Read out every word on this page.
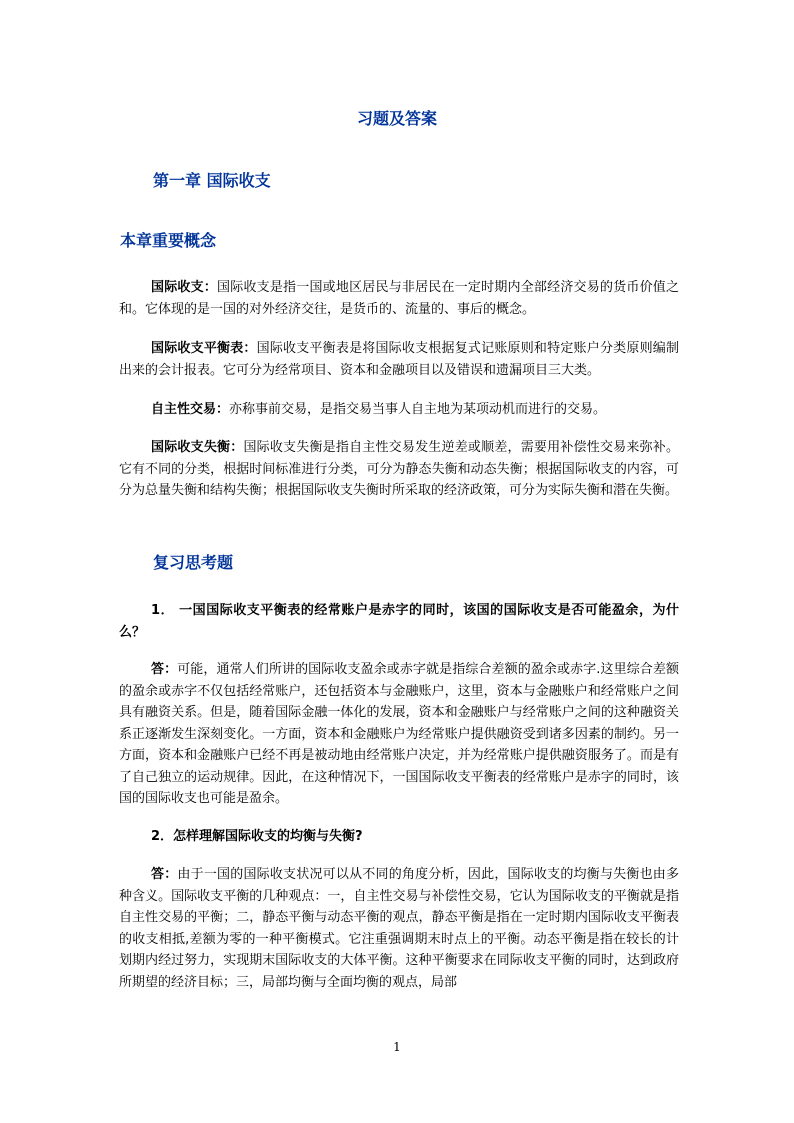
习题及答案
第一章 国际收支
本章重要概念

国际收支：国际收支是指一国或地区居民与非居民在一定时期内全部经济交易的货币价值之和。它体现的是一国的对外经济交往，是货币的、流量的、事后的概念。

国际收支平衡表：国际收支平衡表是将国际收支根据复式记账原则和特定账户分类原则编制出来的会计报表。它可分为经常项目、资本和金融项目以及错误和遗漏项目三大类。

自主性交易：亦称事前交易，是指交易当事人自主地为某项动机而进行的交易。

国际收支失衡：国际收支失衡是指自主性交易发生逆差或顺差，需要用补偿性交易来弥补。它有不同的分类，根据时间标准进行分类，可分为静态失衡和动态失衡；根据国际收支的内容，可分为总量失衡和结构失衡；根据国际收支失衡时所采取的经济政策，可分为实际失衡和潜在失衡。

复习思考题

1． 一国国际收支平衡表的经常账户是赤字的同时，该国的国际收支是否可能盈余，为什么？

答：可能，通常人们所讲的国际收支盈余或赤字就是指综合差额的盈余或赤字.这里综合差额的盈余或赤字不仅包括经常账户，还包括资本与金融账户，这里，资本与金融账户和经常账户之间具有融资关系。但是，随着国际金融一体化的发展，资本和金融账户与经常账户之间的这种融资关系正逐渐发生深刻变化。一方面，资本和金融账户为经常账户提供融资受到诸多因素的制约。另一方面，资本和金融账户已经不再是被动地由经常账户决定，并为经常账户提供融资服务了。而是有了自己独立的运动规律。因此，在这种情况下，一国国际收支平衡表的经常账户是赤字的同时，该国的国际收支也可能是盈余。

2．怎样理解国际收支的均衡与失衡?

答：由于一国的国际收支状况可以从不同的角度分析，因此，国际收支的均衡与失衡也由多种含义。国际收支平衡的几种观点：一，自主性交易与补偿性交易，它认为国际收支的平衡就是指自主性交易的平衡；二，静态平衡与动态平衡的观点，静态平衡是指在一定时期内国际收支平衡表的收支相抵,差额为零的一种平衡模式。它注重强调期末时点上的平衡。动态平衡是指在较长的计划期内经过努力，实现期末国际收支的大体平衡。这种平衡要求在同际收支平衡的同时，达到政府所期望的经济目标；三，局部均衡与全面均衡的观点，局部

1
